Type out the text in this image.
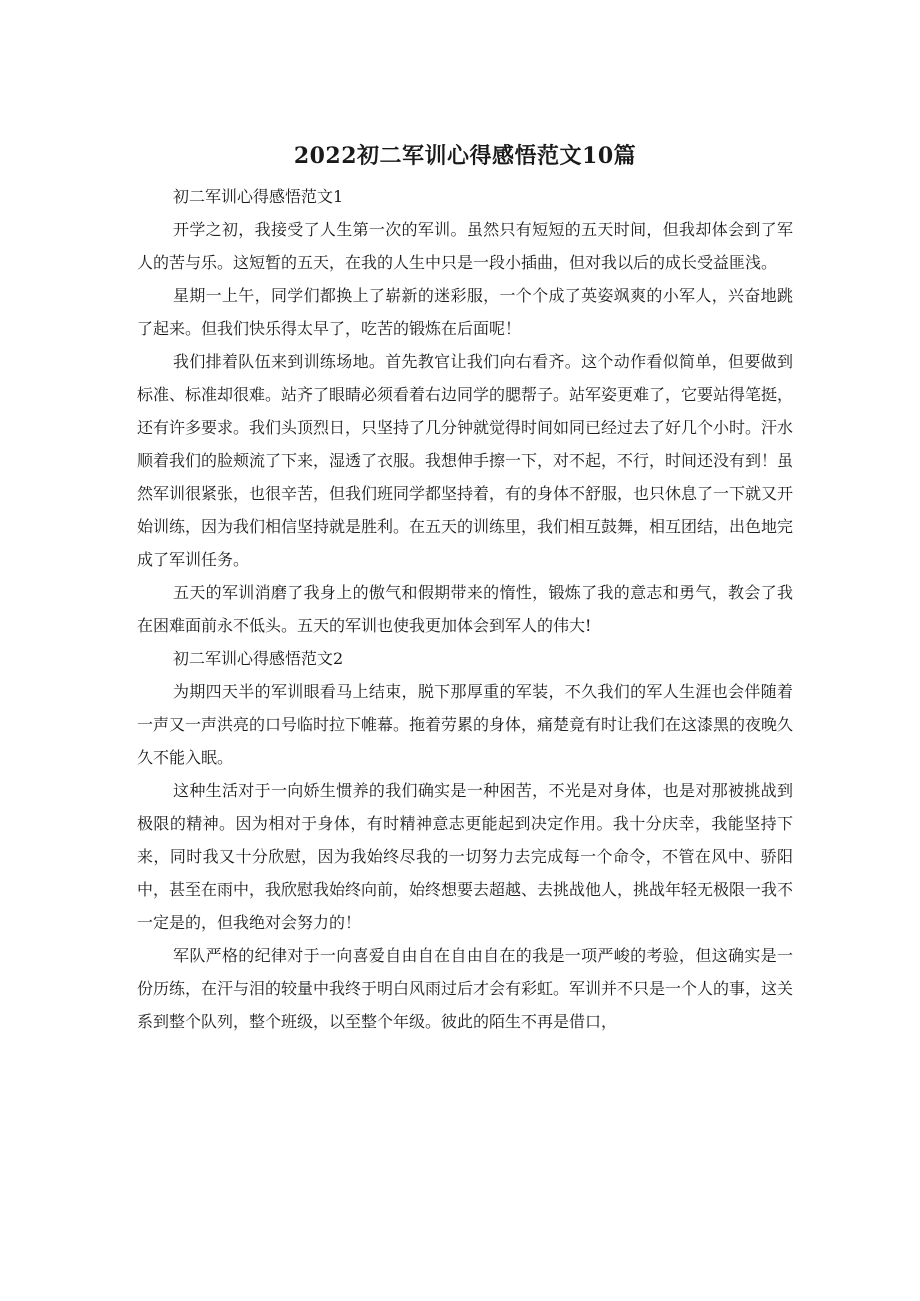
2022初二军训心得感悟范文10篇

初二军训心得感悟范文1

开学之初，我接受了人生第一次的军训。虽然只有短短的五天时间，但我却体会到了军人的苦与乐。这短暂的五天，在我的人生中只是一段小插曲，但对我以后的成长受益匪浅。

星期一上午，同学们都换上了崭新的迷彩服，一个个成了英姿飒爽的小军人，兴奋地跳了起来。但我们快乐得太早了，吃苦的锻炼在后面呢！

我们排着队伍来到训练场地。首先教官让我们向右看齐。这个动作看似简单，但要做到标准、标准却很难。站齐了眼睛必须看着右边同学的腮帮子。站军姿更难了，它要站得笔挺，还有许多要求。我们头顶烈日，只坚持了几分钟就觉得时间如同已经过去了好几个小时。汗水顺着我们的脸颊流了下来，湿透了衣服。我想伸手擦一下，对不起，不行，时间还没有到！虽然军训很紧张，也很辛苦，但我们班同学都坚持着，有的身体不舒服，也只休息了一下就又开始训练，因为我们相信坚持就是胜利。在五天的训练里，我们相互鼓舞，相互团结，出色地完成了军训任务。

五天的军训消磨了我身上的傲气和假期带来的惰性，锻炼了我的意志和勇气，教会了我在困难面前永不低头。五天的军训也使我更加体会到军人的伟大!

初二军训心得感悟范文2

为期四天半的军训眼看马上结束，脱下那厚重的军装，不久我们的军人生涯也会伴随着一声又一声洪亮的口号临时拉下帷幕。拖着劳累的身体，痛楚竟有时让我们在这漆黑的夜晚久久不能入眠。

这种生活对于一向娇生惯养的我们确实是一种困苦，不光是对身体，也是对那被挑战到极限的精神。因为相对于身体，有时精神意志更能起到决定作用。我十分庆幸，我能坚持下来，同时我又十分欣慰，因为我始终尽我的一切努力去完成每一个命令，不管在风中、骄阳中，甚至在雨中，我欣慰我始终向前，始终想要去超越、去挑战他人，挑战年轻无极限一我不一定是的，但我绝对会努力的！

军队严格的纪律对于一向喜爱自由自在自由自在的我是一项严峻的考验，但这确实是一份历练，在汗与泪的较量中我终于明白风雨过后才会有彩虹。军训并不只是一个人的事，这关系到整个队列，整个班级，以至整个年级。彼此的陌生不再是借口，
